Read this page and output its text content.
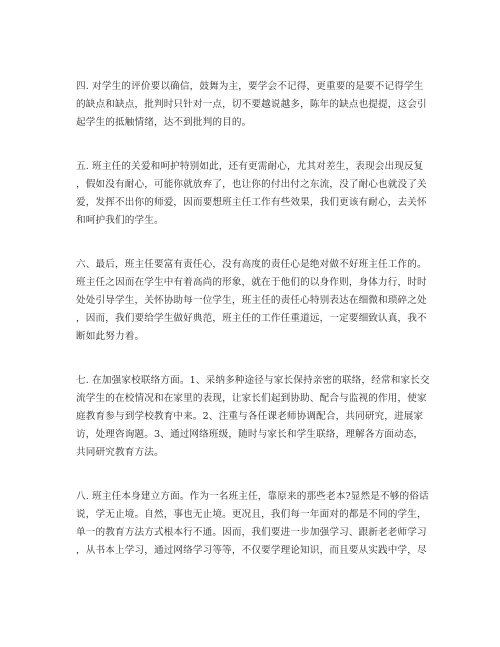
四. 对学生的评价要以确信，鼓舞为主，要学会不记得，更重要的是要不记得学生
的缺点和缺点，批判时只针对一点，切不要越说越多，陈年的缺点也提提，这会引
起学生的抵触情绪，达不到批判的目的。

五. 班主任的关爱和呵护特别如此，还有更需耐心，尤其对差生，表现会出现反复
，假如没有耐心，可能你就放弃了，也让你的付出付之东流，没了耐心也就没了关
爱，发挥不出你的师爱，因而要想班主任工作有些效果，我们更该有耐心，去关怀
和呵护我们的学生。

六、最后，班主任要富有责任心，没有高度的责任心是绝对做不好班主任工作的。
班主任之因而在学生中有着高尚的形象，就在于他们的以身作则，身体力行，时时
处处引导学生，关怀协助每一位学生，班主任的责任心特别表达在细微和琐碎之处
，因而，我们要给学生做好典范，班主任的工作任重道远，一定要细致认真，我不
断如此努力着。

七. 在加强家校联络方面。1、采纳多种途径与家长保持亲密的联络，经常和家长交
流学生的在校情况和在家里的表现，让家长们起到协助、配合与监视的作用，使家
庭教育参与到学校教育中来。2、注重与各任课老师协调配合，共同研究，进展家
访，处理咨询题。3、通过网络班级，随时与家长和学生联络，理解各方面动态，
共同研究教育方法。

八. 班主任本身建立方面。作为一名班主任，靠原来的那些老本?显然是不够的俗话
说，学无止境。自然，事也无止境。更况且，我们每一年面对的都是不同的学生，
单一的教育方法方式根本行不通。因而，我们要进一步加强学习、跟新老老师学习
，从书本上学习，通过网络学习等等，不仅要学理论知识，而且要从实践中学，尽
